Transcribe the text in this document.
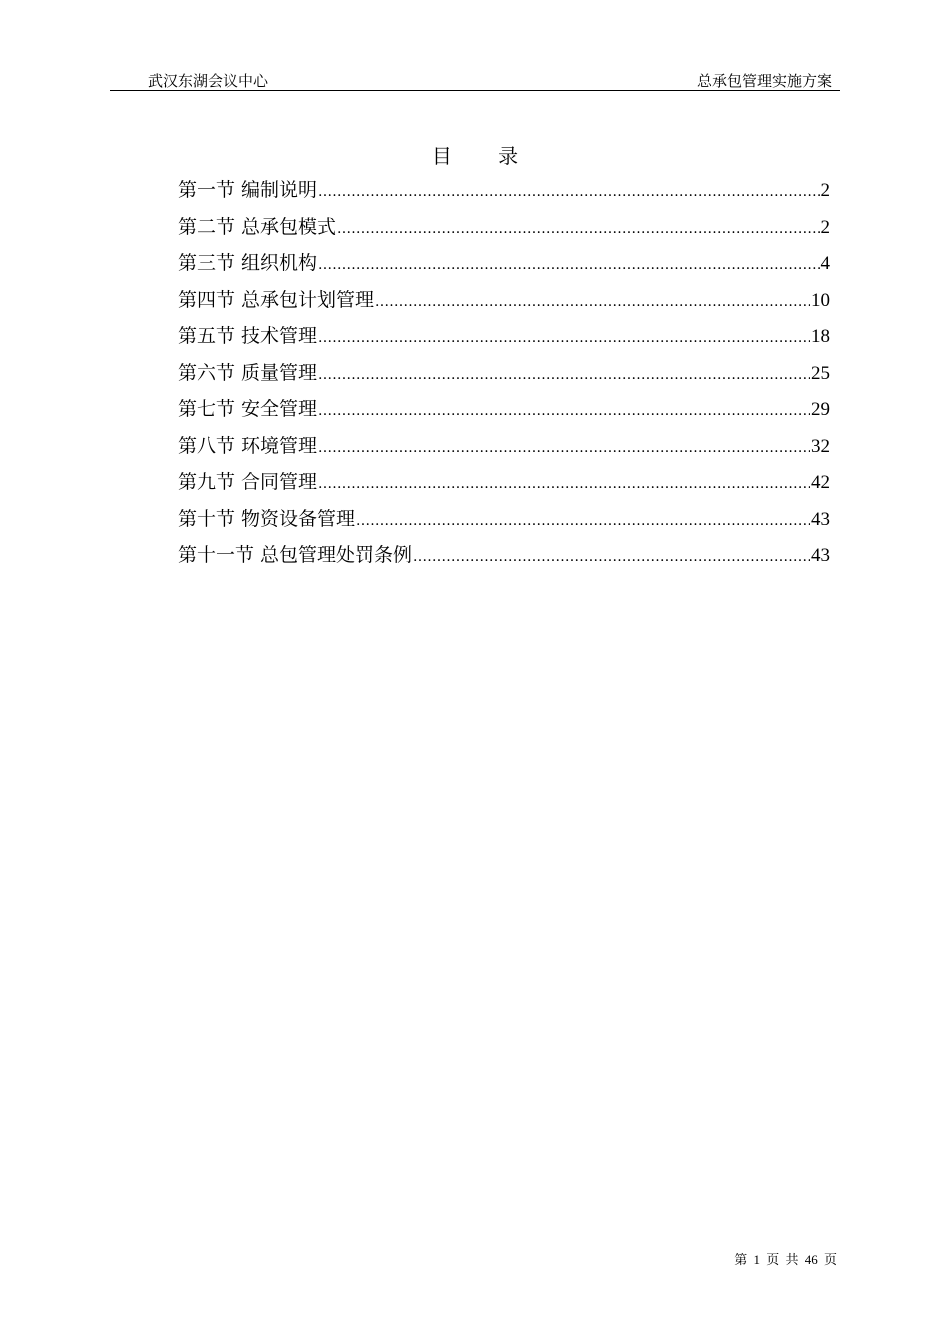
武汉东湖会议中心	总承包管理实施方案
目 录
第一节 编制说明 .....	2
第二节 总承包模式 .....	2
第三节 组织机构 .....	4
第四节 总承包计划管理 .....	10
第五节 技术管理 .....	18
第六节 质量管理 .....	25
第七节 安全管理 .....	29
第八节 环境管理 .....	32
第九节 合同管理 .....	42
第十节 物资设备管理 .....	43
第十一节 总包管理处罚条例 .....	43
第 1 页 共 46 页
